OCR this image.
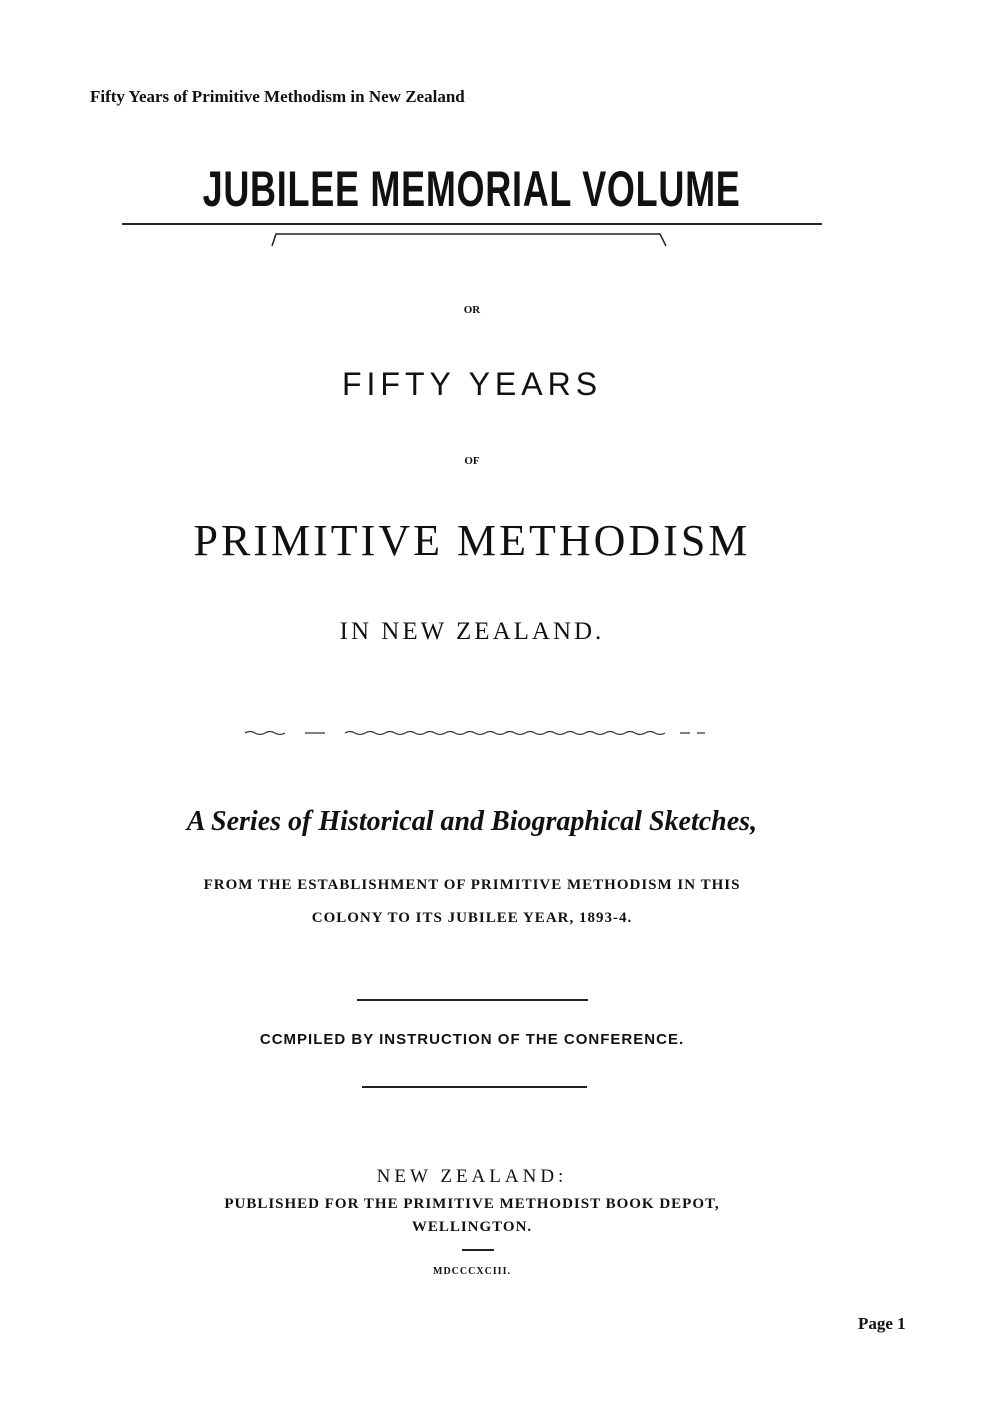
Fifty Years of Primitive Methodism in New Zealand
JUBILEE MEMORIAL VOLUME
OR
FIFTY YEARS
OF
PRIMITIVE METHODISM
IN NEW ZEALAND.
A Series of Historical and Biographical Sketches,
FROM THE ESTABLISHMENT OF PRIMITIVE METHODISM IN THIS
COLONY TO ITS JUBILEE YEAR, 1893-4.
CCMPILED BY INSTRUCTION OF THE CONFERENCE.
NEW ZEALAND:
PUBLISHED FOR THE PRIMITIVE METHODIST BOOK DEPOT,
WELLINGTON.
MDCCCXCIII.
Page 1
